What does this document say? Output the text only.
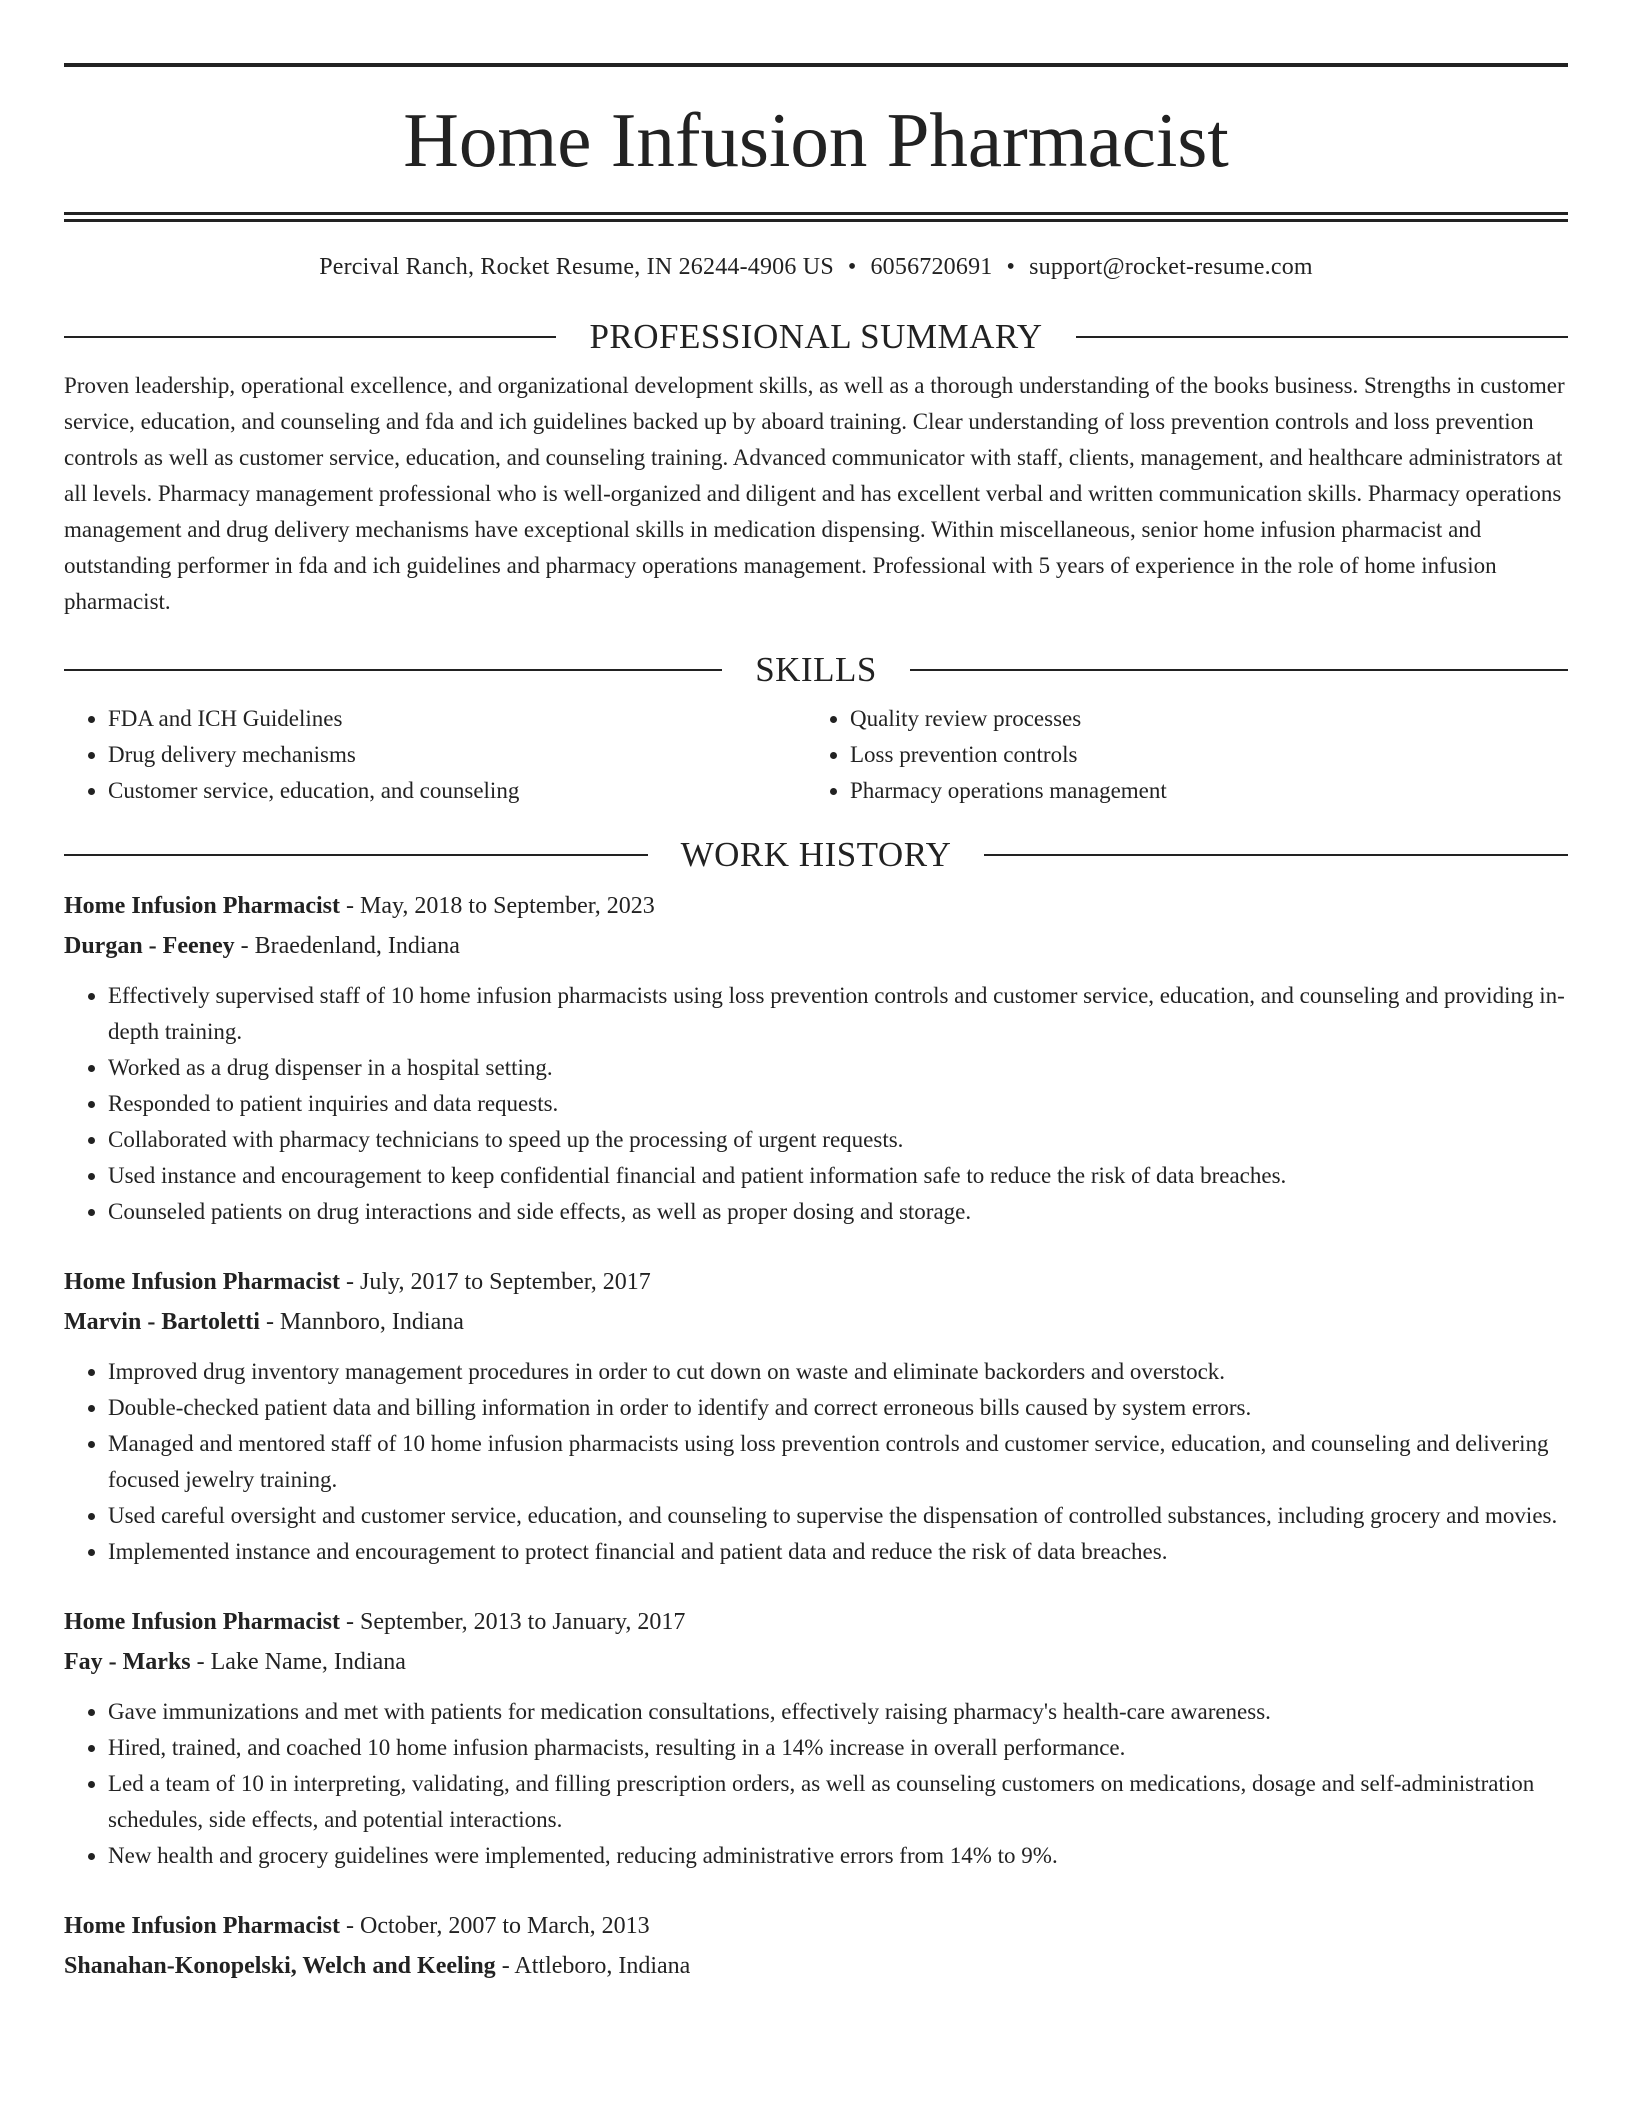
Home Infusion Pharmacist
Percival Ranch, Rocket Resume, IN 26244-4906 US • 6056720691 • support@rocket-resume.com
PROFESSIONAL SUMMARY

Proven leadership, operational excellence, and organizational development skills, as well as a thorough understanding of the books business. Strengths in customer service, education, and counseling and fda and ich guidelines backed up by aboard training. Clear understanding of loss prevention controls and loss prevention controls as well as customer service, education, and counseling training. Advanced communicator with staff, clients, management, and healthcare administrators at all levels. Pharmacy management professional who is well-organized and diligent and has excellent verbal and written communication skills. Pharmacy operations management and drug delivery mechanisms have exceptional skills in medication dispensing. Within miscellaneous, senior home infusion pharmacist and outstanding performer in fda and ich guidelines and pharmacy operations management. Professional with 5 years of experience in the role of home infusion pharmacist.

SKILLS
• FDA and ICH Guidelines
• Drug delivery mechanisms
• Customer service, education, and counseling
• Quality review processes
• Loss prevention controls
• Pharmacy operations management
WORK HISTORY
Home Infusion Pharmacist - May, 2018 to September, 2023
Durgan - Feeney - Braedenland, Indiana
• Effectively supervised staff of 10 home infusion pharmacists using loss prevention controls and customer service, education, and counseling and providing in-depth training.
• Worked as a drug dispenser in a hospital setting.
• Responded to patient inquiries and data requests.
• Collaborated with pharmacy technicians to speed up the processing of urgent requests.
• Used instance and encouragement to keep confidential financial and patient information safe to reduce the risk of data breaches.
• Counseled patients on drug interactions and side effects, as well as proper dosing and storage.
Home Infusion Pharmacist - July, 2017 to September, 2017
Marvin - Bartoletti - Mannboro, Indiana
• Improved drug inventory management procedures in order to cut down on waste and eliminate backorders and overstock.
• Double-checked patient data and billing information in order to identify and correct erroneous bills caused by system errors.
• Managed and mentored staff of 10 home infusion pharmacists using loss prevention controls and customer service, education, and counseling and delivering focused jewelry training.
• Used careful oversight and customer service, education, and counseling to supervise the dispensation of controlled substances, including grocery and movies.
• Implemented instance and encouragement to protect financial and patient data and reduce the risk of data breaches.
Home Infusion Pharmacist - September, 2013 to January, 2017
Fay - Marks - Lake Name, Indiana
• Gave immunizations and met with patients for medication consultations, effectively raising pharmacy's health-care awareness.
• Hired, trained, and coached 10 home infusion pharmacists, resulting in a 14% increase in overall performance.
• Led a team of 10 in interpreting, validating, and filling prescription orders, as well as counseling customers on medications, dosage and self-administration schedules, side effects, and potential interactions.
• New health and grocery guidelines were implemented, reducing administrative errors from 14% to 9%.
Home Infusion Pharmacist - October, 2007 to March, 2013
Shanahan-Konopelski, Welch and Keeling - Attleboro, Indiana
